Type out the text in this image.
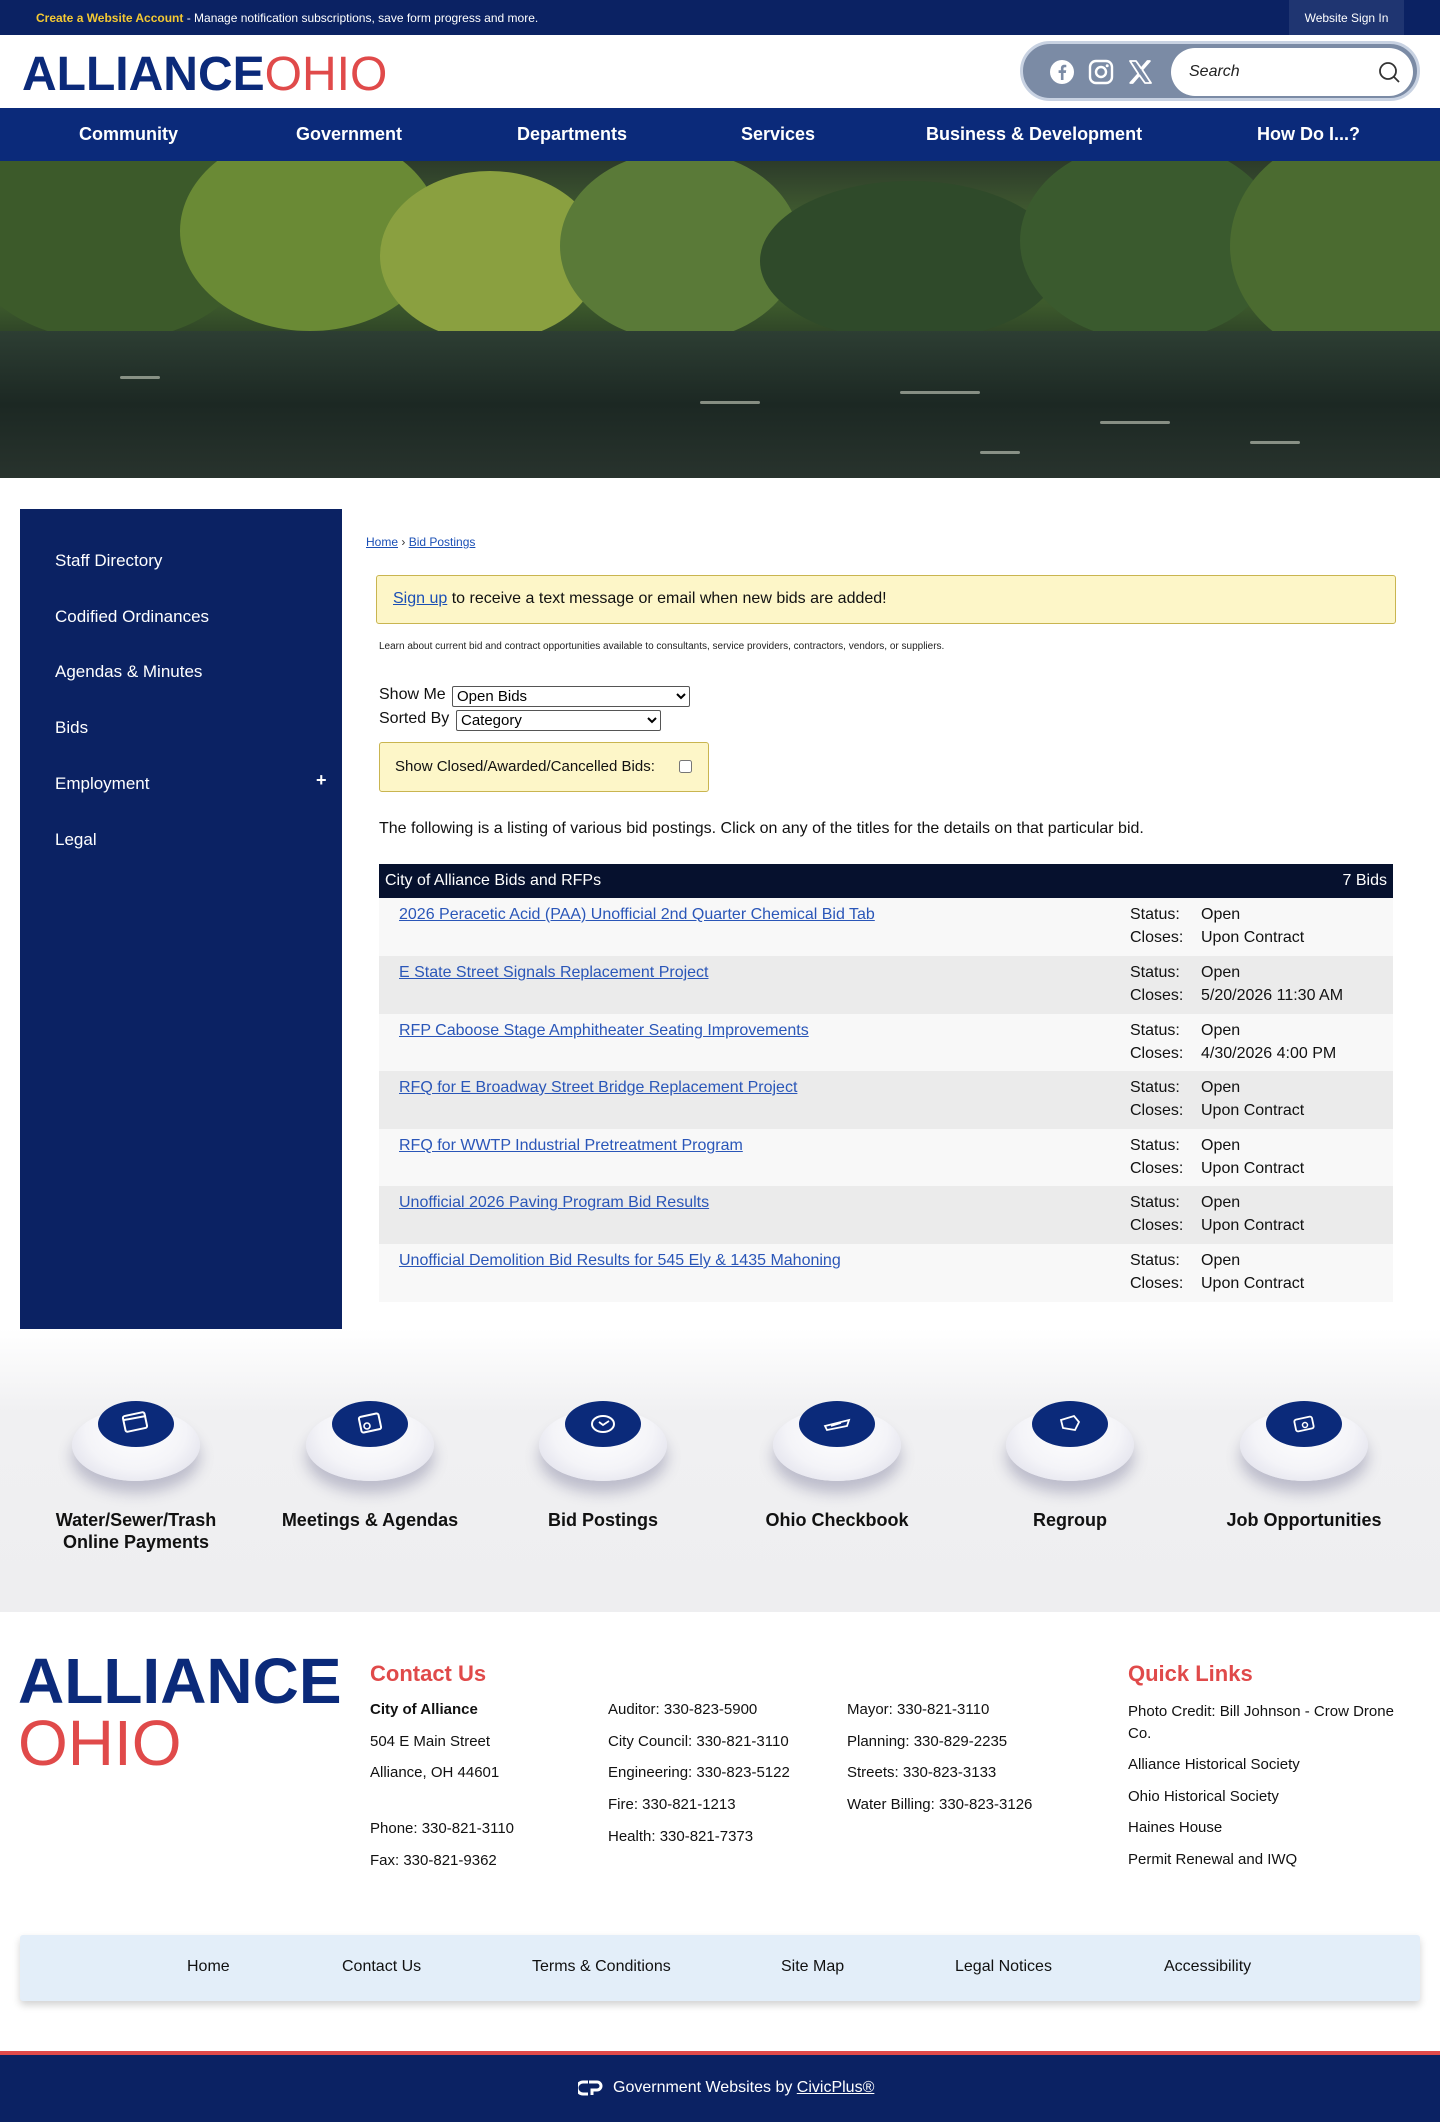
Create a Website Account - Manage notification subscriptions, save form progress and more.	Website Sign In
ALLIANCEOHIO
Search
Community	Government	Departments	Services	Business & Development	How Do I...?
Staff Directory
Codified Ordinances
Agendas & Minutes
Bids
Employment	+
Legal
Home › Bid Postings
Sign up to receive a text message or email when new bids are added!
Learn about current bid and contract opportunities available to consultants, service providers, contractors, vendors, or suppliers.
Show Me
Open Bids
Sorted By
Category
Show Closed/Awarded/Cancelled Bids:
The following is a listing of various bid postings. Click on any of the titles for the details on that particular bid.
City of Alliance Bids and RFPs	7 Bids
2026 Peracetic Acid (PAA) Unofficial 2nd Quarter Chemical Bid Tab	Status: Open
Closes: Upon Contract
E State Street Signals Replacement Project	Status: Open
Closes: 5/20/2026 11:30 AM
RFP Caboose Stage Amphitheater Seating Improvements	Status: Open
Closes: 4/30/2026 4:00 PM
RFQ for E Broadway Street Bridge Replacement Project	Status: Open
Closes: Upon Contract
RFQ for WWTP Industrial Pretreatment Program	Status: Open
Closes: Upon Contract
Unofficial 2026 Paving Program Bid Results	Status: Open
Closes: Upon Contract
Unofficial Demolition Bid Results for 545 Ely & 1435 Mahoning	Status: Open
Closes: Upon Contract
Water/Sewer/Trash Online Payments
Meetings & Agendas	Bid Postings	Ohio Checkbook	Regroup	Job Opportunities
ALLIANCE
OHIO
Contact Us
City of Alliance
504 E Main Street
Alliance, OH 44601
Phone: 330-821-3110
Fax: 330-821-9362
Auditor: 330-823-5900
City Council: 330-821-3110
Engineering: 330-823-5122
Fire: 330-821-1213
Health: 330-821-7373
Mayor: 330-821-3110
Planning: 330-829-2235
Streets: 330-823-3133
Water Billing: 330-823-3126
Quick Links
Photo Credit: Bill Johnson - Crow Drone Co.
Alliance Historical Society
Ohio Historical Society
Haines House
Permit Renewal and IWQ
Home	Contact Us	Terms & Conditions	Site Map	Legal Notices	Accessibility
Government Websites by CivicPlus®
